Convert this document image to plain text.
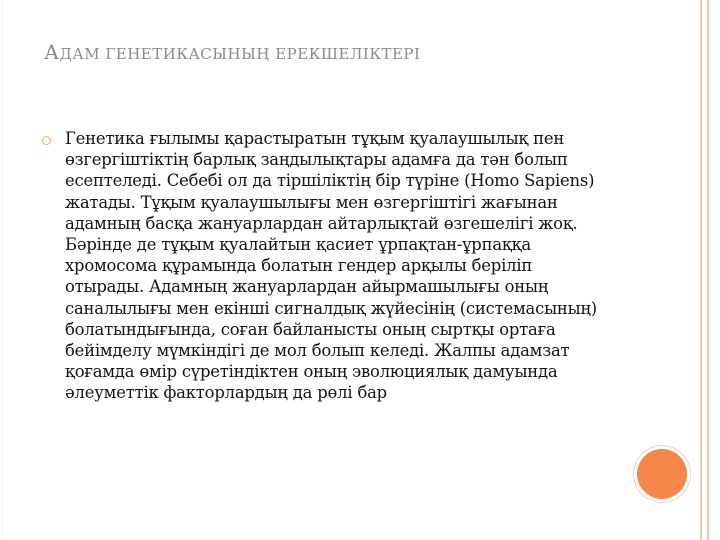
АДАМ ГЕНЕТИКАСЫНЫҢ ЕРЕКШЕЛІКТЕРІ
Генетика ғылымы қарастыратын тұқым қуалаушылық пен өзгергіштіктің барлық заңдылықтары адамға да тән болып есептеледі. Себебі ол да тіршіліктің бір түріне (Homo Sapiens) жатады. Тұқым қуалаушылығы мен өзгергіштігі жағынан адамның басқа жануарлардан айтарлықтай өзгешелігі жоқ. Бәрінде де тұқым қуалайтын қасиет ұрпақтан-ұрпаққа хромосома құрамында болатын гендер арқылы беріліп отырады. Адамның жануарлардан айырмашылығы оның саналылығы мен екінші сигналдық жүйесінің (системасының) болатындығында, соған байланысты оның сыртқы ортаға бейімделу мүмкіндігі де мол болып келеді. Жалпы адамзат қоғамда өмір сүретіндіктен оның эволюциялық дамуында әлеуметтік факторлардың да рөлі бар
